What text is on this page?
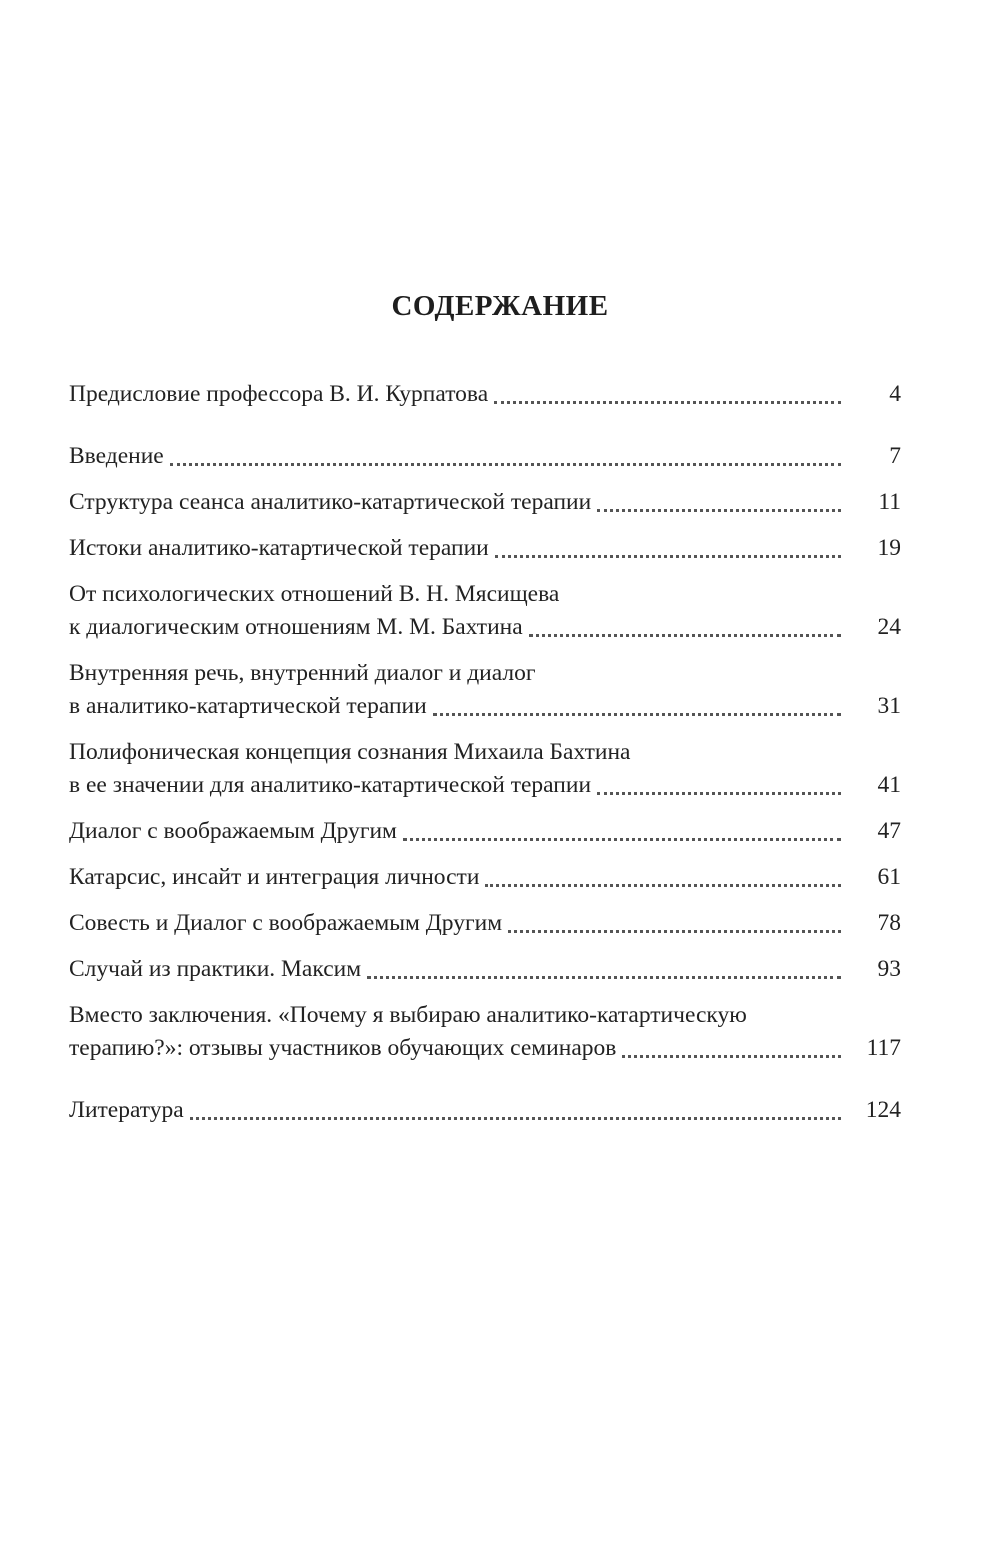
СОДЕРЖАНИЕ
Предисловие профессора В. И. Курпатова	4
Введение	7
Структура сеанса аналитико-катартической терапии	11
Истоки аналитико-катартической терапии	19
От психологических отношений В. Н. Мясищева
к диалогическим отношениям М. М. Бахтина	24
Внутренняя речь, внутренний диалог и диалог
в аналитико-катартической терапии	31
Полифоническая концепция сознания Михаила Бахтина
в ее значении для аналитико-катартической терапии	41
Диалог с воображаемым Другим	47
Катарсис, инсайт и интеграция личности	61
Совесть и Диалог с воображаемым Другим	78
Случай из практики. Максим	93
Вместо заключения. «Почему я выбираю аналитико-катартическую
терапию?»: отзывы участников обучающих семинаров	117
Литература	124
